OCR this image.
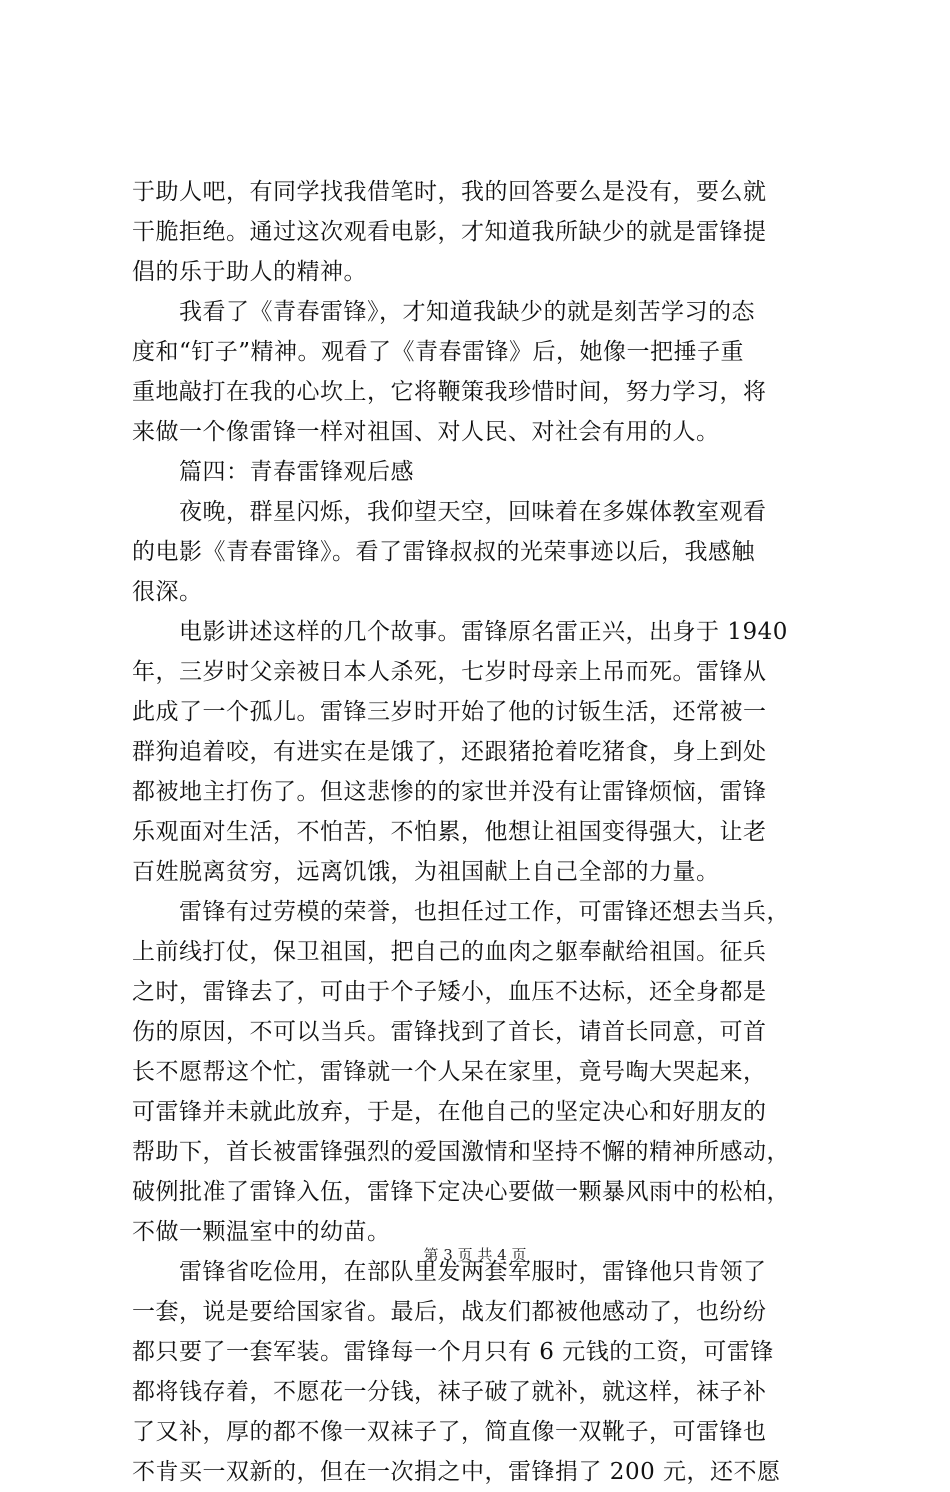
于助人吧，有同学找我借笔时，我的回答要么是没有，要么就
干脆拒绝。通过这次观看电影，才知道我所缺少的就是雷锋提
倡的乐于助人的精神。
　　我看了《青春雷锋》，才知道我缺少的就是刻苦学习的态
度和“钉子”精神。观看了《青春雷锋》后，她像一把捶子重
重地敲打在我的心坎上，它将鞭策我珍惜时间，努力学习，将
来做一个像雷锋一样对祖国、对人民、对社会有用的人。
　　篇四：青春雷锋观后感
　　夜晚，群星闪烁，我仰望天空，回味着在多媒体教室观看
的电影《青春雷锋》。看了雷锋叔叔的光荣事迹以后，我感触
很深。
　　电影讲述这样的几个故事。雷锋原名雷正兴，出身于 1940
年，三岁时父亲被日本人杀死，七岁时母亲上吊而死。雷锋从
此成了一个孤儿。雷锋三岁时开始了他的讨钣生活，还常被一
群狗追着咬，有进实在是饿了，还跟猪抢着吃猪食，身上到处
都被地主打伤了。但这悲惨的的家世并没有让雷锋烦恼，雷锋
乐观面对生活，不怕苦，不怕累，他想让祖国变得强大，让老
百姓脱离贫穷，远离饥饿，为祖国献上自己全部的力量。
　　雷锋有过劳模的荣誉，也担任过工作，可雷锋还想去当兵，
上前线打仗，保卫祖国，把自己的血肉之躯奉献给祖国。征兵
之时，雷锋去了，可由于个子矮小，血压不达标，还全身都是
伤的原因，不可以当兵。雷锋找到了首长，请首长同意，可首
长不愿帮这个忙，雷锋就一个人呆在家里，竟号啕大哭起来，
可雷锋并未就此放弃，于是，在他自己的坚定决心和好朋友的
帮助下，首长被雷锋强烈的爱国激情和坚持不懈的精神所感动，
破例批准了雷锋入伍，雷锋下定决心要做一颗暴风雨中的松柏，
不做一颗温室中的幼苗。
　　雷锋省吃俭用，在部队里发两套军服时，雷锋他只肯领了
一套，说是要给国家省。最后，战友们都被他感动了，也纷纷
都只要了一套军装。雷锋每一个月只有 6 元钱的工资，可雷锋
都将钱存着，不愿花一分钱，袜子破了就补，就这样，袜子补
了又补，厚的都不像一双袜子了，简直像一双靴子，可雷锋也
不肯买一双新的，但在一次捐之中，雷锋捐了 200 元，还不愿
第 3 页 共 4 页
